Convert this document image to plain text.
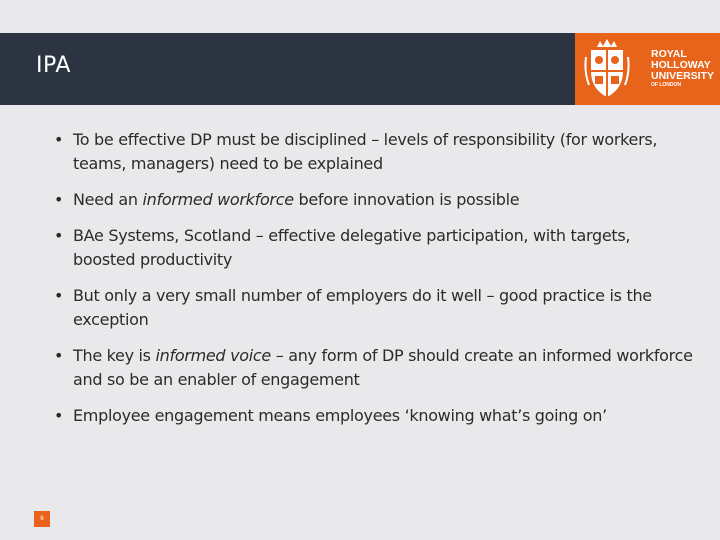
IPA	ROYAL
HOLLOWAY
UNIVERSITY
OF LONDON
• To be effective DP must be disciplined – levels of responsibility (for workers, teams, managers) need to be explained
• Need an informed workforce before innovation is possible
• BAe Systems, Scotland – effective delegative participation, with targets, boosted productivity
• But only a very small number of employers do it well – good practice is the exception
• The key is informed voice – any form of DP should create an informed workforce and so be an enabler of engagement
• Employee engagement means employees ‘knowing what’s going on’
6
